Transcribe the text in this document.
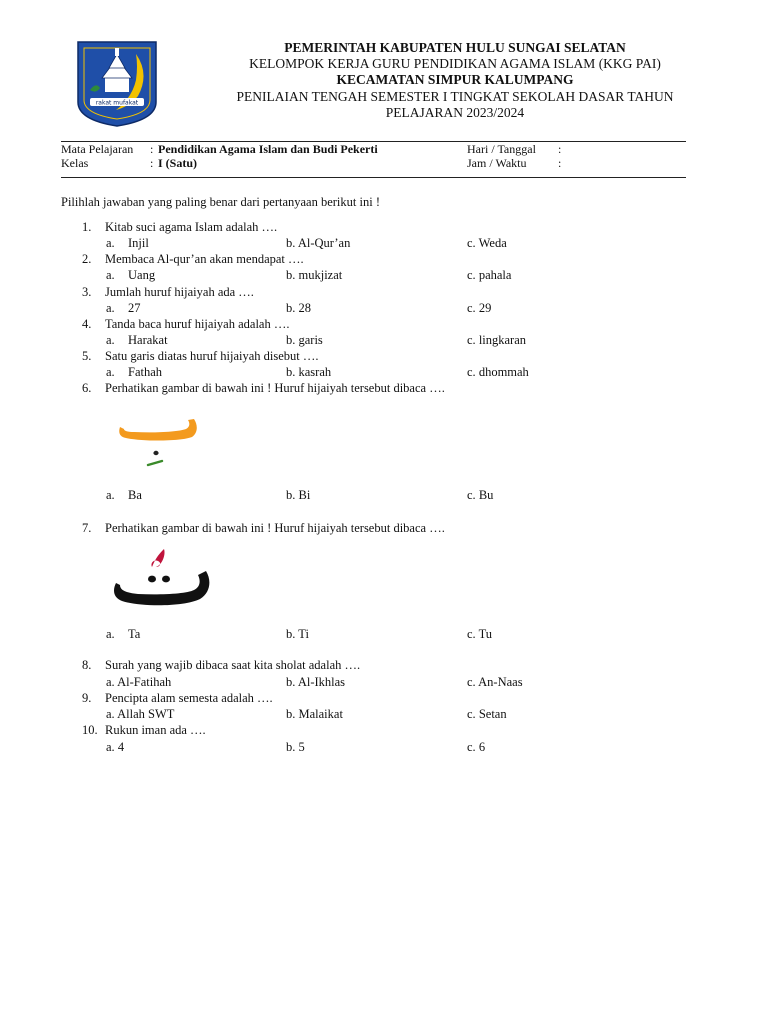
rakat mufakat
PEMERINTAH KABUPATEN HULU SUNGAI SELATAN
KELOMPOK KERJA GURU PENDIDIKAN AGAMA ISLAM (KKG PAI)
KECAMATAN SIMPUR KALUMPANG
PENILAIAN TENGAH SEMESTER I TINGKAT SEKOLAH DASAR TAHUN
PELAJARAN 2023/2024
Mata Pelajaran : Pendidikan Agama Islam dan Budi Pekerti
Kelas	: I (Satu)
Hari / Tanggal :
Jam / Waktu	:
Pilihlah jawaban yang paling benar dari pertanyaan berikut ini !
1. Kitab suci agama Islam adalah ….
a. Injil	b. Al-Qur’an	c. Weda
2. Membaca Al-qur’an akan mendapat ….
a. Uang	b. mukjizat	c. pahala
3. Jumlah huruf hijaiyah ada ….
a. 27	b. 28	c. 29
4. Tanda baca huruf hijaiyah adalah ….
a. Harakat	b. garis	c. lingkaran
5. Satu garis diatas huruf hijaiyah disebut ….
a. Fathah	b. kasrah	c. dhommah
6. Perhatikan gambar di bawah ini ! Huruf hijaiyah tersebut dibaca ….
a. Ba	b. Bi	c. Bu
7. Perhatikan gambar di bawah ini ! Huruf hijaiyah tersebut dibaca ….
a. Ta	b. Ti	c. Tu
8. Surah yang wajib dibaca saat kita sholat adalah ….
a. Al-Fatihah	b. Al-Ikhlas	c. An-Naas
9. Pencipta alam semesta adalah ….
a. Allah SWT	b. Malaikat	c. Setan
10. Rukun iman ada ….
a. 4	b. 5	c. 6
